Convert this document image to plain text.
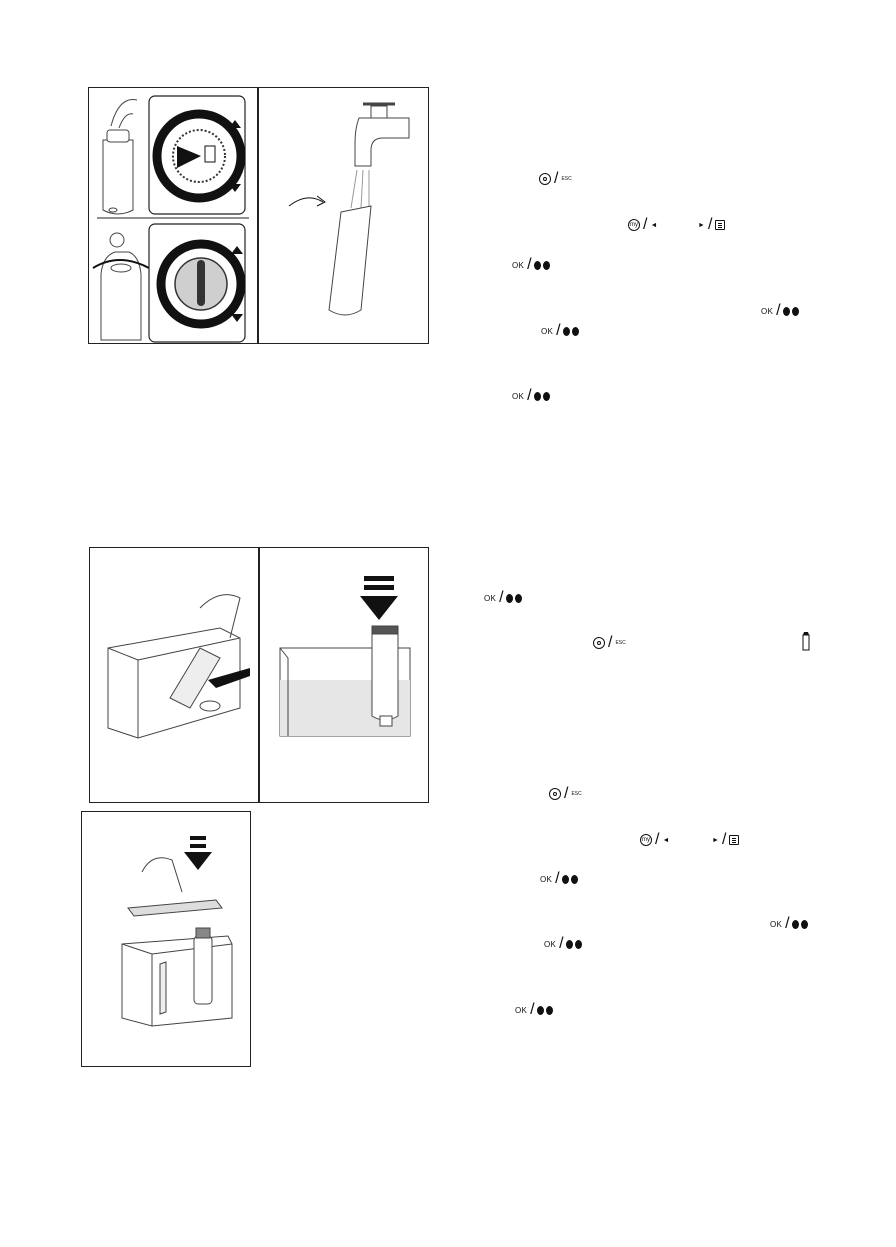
/ ESC
my / ◄	► /
OK /
OK /
OK /
OK /
OK /
/ ESC
/ ESC
my / ◄	► /
OK /
OK /
OK /
OK /
